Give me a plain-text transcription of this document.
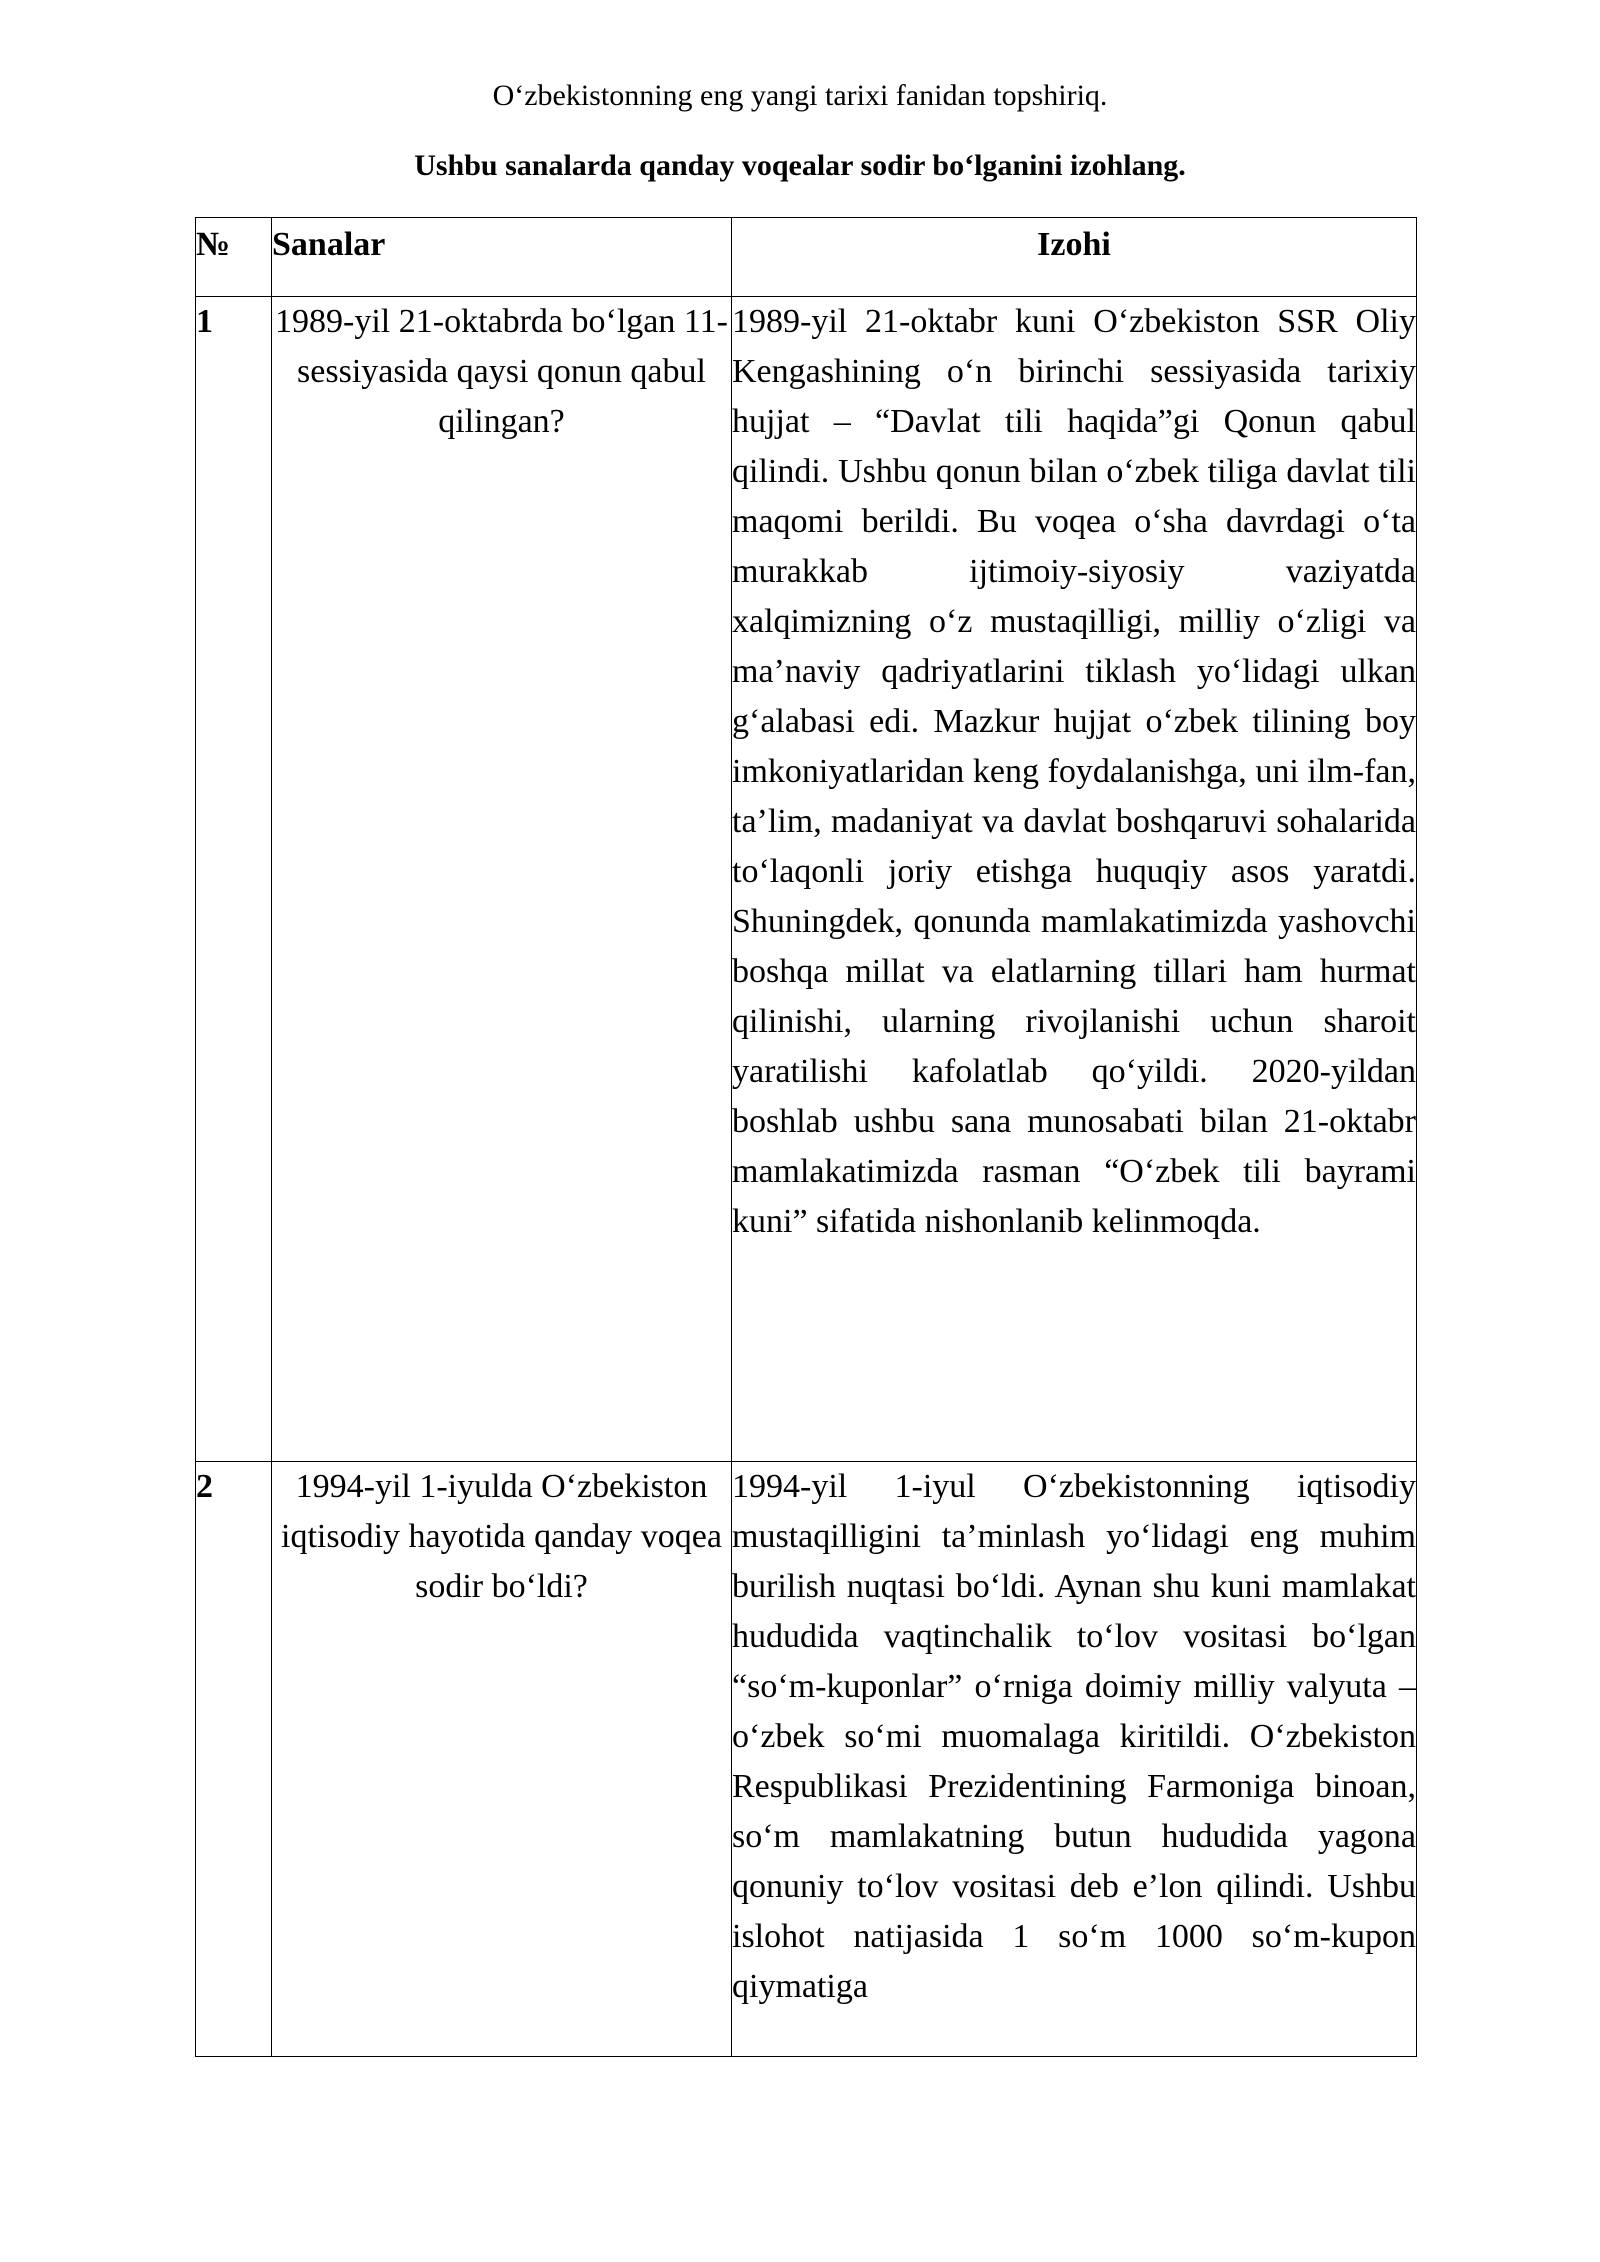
O‘zbekistonning eng yangi tarixi fanidan topshiriq.
Ushbu sanalarda qanday voqealar sodir bo‘lganini izohlang.
№	Sanalar	Izohi
1	1989-yil 21-oktabrda bo‘lgan 11-sessiyasida qaysi qonun qabul qilingan?	1989-yil 21-oktabr kuni O‘zbekiston SSR Oliy Kengashining o‘n birinchi sessiyasida tarixiy hujjat – “Davlat tili haqida”gi Qonun qabul qilindi. Ushbu qonun bilan o‘zbek tiliga davlat tili maqomi berildi. Bu voqea o‘sha davrdagi o‘ta murakkab ijtimoiy-siyosiy vaziyatda xalqimizning o‘z mustaqilligi, milliy o‘zligi va ma’naviy qadriyatlarini tiklash yo‘lidagi ulkan g‘alabasi edi. Mazkur hujjat o‘zbek tilining boy imkoniyatlaridan keng foydalanishga, uni ilm-fan, ta’lim, madaniyat va davlat boshqaruvi sohalarida to‘laqonli joriy etishga huquqiy asos yaratdi. Shuningdek, qonunda mamlakatimizda yashovchi boshqa millat va elatlarning tillari ham hurmat qilinishi, ularning rivojlanishi uchun sharoit yaratilishi kafolatlab qo‘yildi. 2020-yildan boshlab ushbu sana munosabati bilan 21-oktabr mamlakatimizda rasman “O‘zbek tili bayrami kuni” sifatida nishonlanib kelinmoqda.
2	1994-yil 1-iyulda O‘zbekiston iqtisodiy hayotida qanday voqea sodir bo‘ldi?	1994-yil 1-iyul O‘zbekistonning iqtisodiy mustaqilligini ta’minlash yo‘lidagi eng muhim burilish nuqtasi bo‘ldi. Aynan shu kuni mamlakat hududida vaqtinchalik to‘lov vositasi bo‘lgan “so‘m-kuponlar” o‘rniga doimiy milliy valyuta – o‘zbek so‘mi muomalaga kiritildi. O‘zbekiston Respublikasi Prezidentining Farmoniga binoan, so‘m mamlakatning butun hududida yagona qonuniy to‘lov vositasi deb e’lon qilindi. Ushbu islohot natijasida 1 so‘m 1000 so‘m-kupon qiymatiga
